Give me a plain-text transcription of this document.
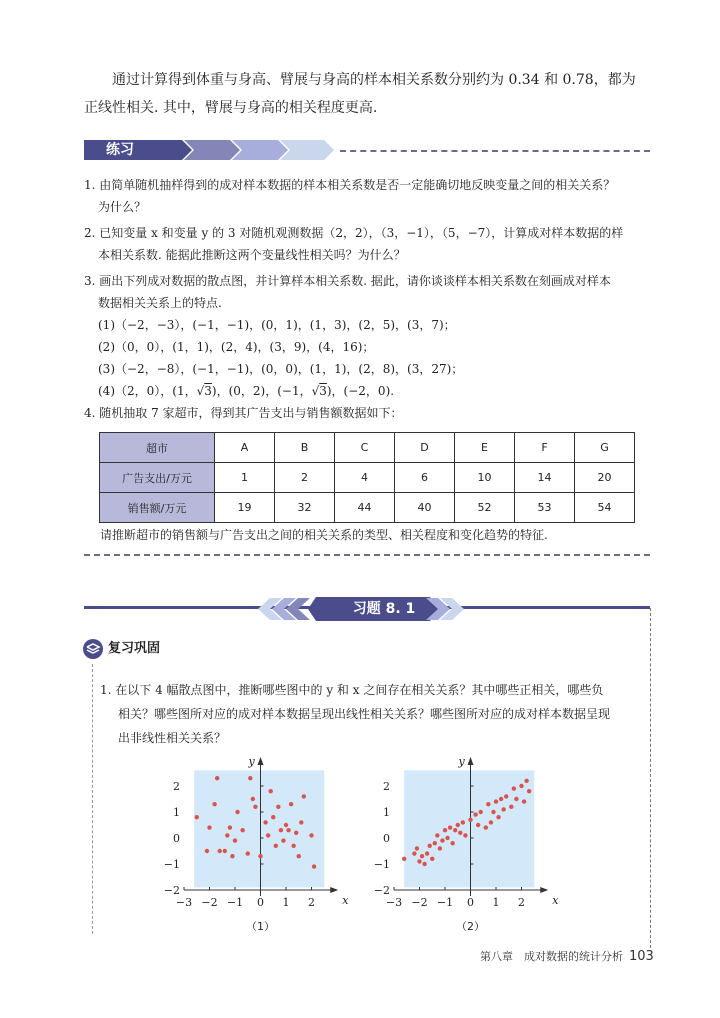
通过计算得到体重与身高、臂展与身高的样本相关系数分别约为 0.34 和 0.78，都为

正线性相关. 其中，臂展与身高的相关程度更高.

练习

1. 由简单随机抽样得到的成对样本数据的样本相关系数是否一定能确切地反映变量之间的相关关系？

为什么？

2. 已知变量 x 和变量 y 的 3 对随机观测数据（2，2），（3，−1），（5，−7），计算成对样本数据的样

本相关系数. 能据此推断这两个变量线性相关吗？为什么？

3. 画出下列成对数据的散点图，并计算样本相关系数. 据此，请你谈谈样本相关系数在刻画成对样本

数据相关关系上的特点.

(1)（−2，−3），(−1，−1)，(0，1)，(1，3)，(2，5)，(3，7)；

(2)（0，0），(1，1)，(2，4)，(3，9)，(4，16)；

(3)（−2，−8），(−1，−1)，(0，0)，(1，1)，(2，8)，(3，27)；

(4)（2，0），(1，√3)，(0，2)，(−1，√3)，(−2，0).

4. 随机抽取 7 家超市，得到其广告支出与销售额数据如下：

超市	A	B	C	D	E	F	G
广告支出/万元	1	2	4	6	10	14	20
销售额/万元	19	32	44	40	52	53	54
请推断超市的销售额与广告支出之间的相关关系的类型、相关程度和变化趋势的特征.
习题 8. 1
复习巩固
1. 在以下 4 幅散点图中，推断哪些图中的 y 和 x 之间存在相关关系？其中哪些正相关，哪些负
相关？哪些图所对应的成对样本数据呈现出线性相关关系？哪些图所对应的成对样本数据呈现
出非线性相关关系？
−3 −2 −1 0 1 2
−2
−1
0
1
2
x
y
（1）
−3 −2 −1 0 1 2
−2
−1
0
1
2
x
y
（2）
第八章　成对数据的统计分析 103
